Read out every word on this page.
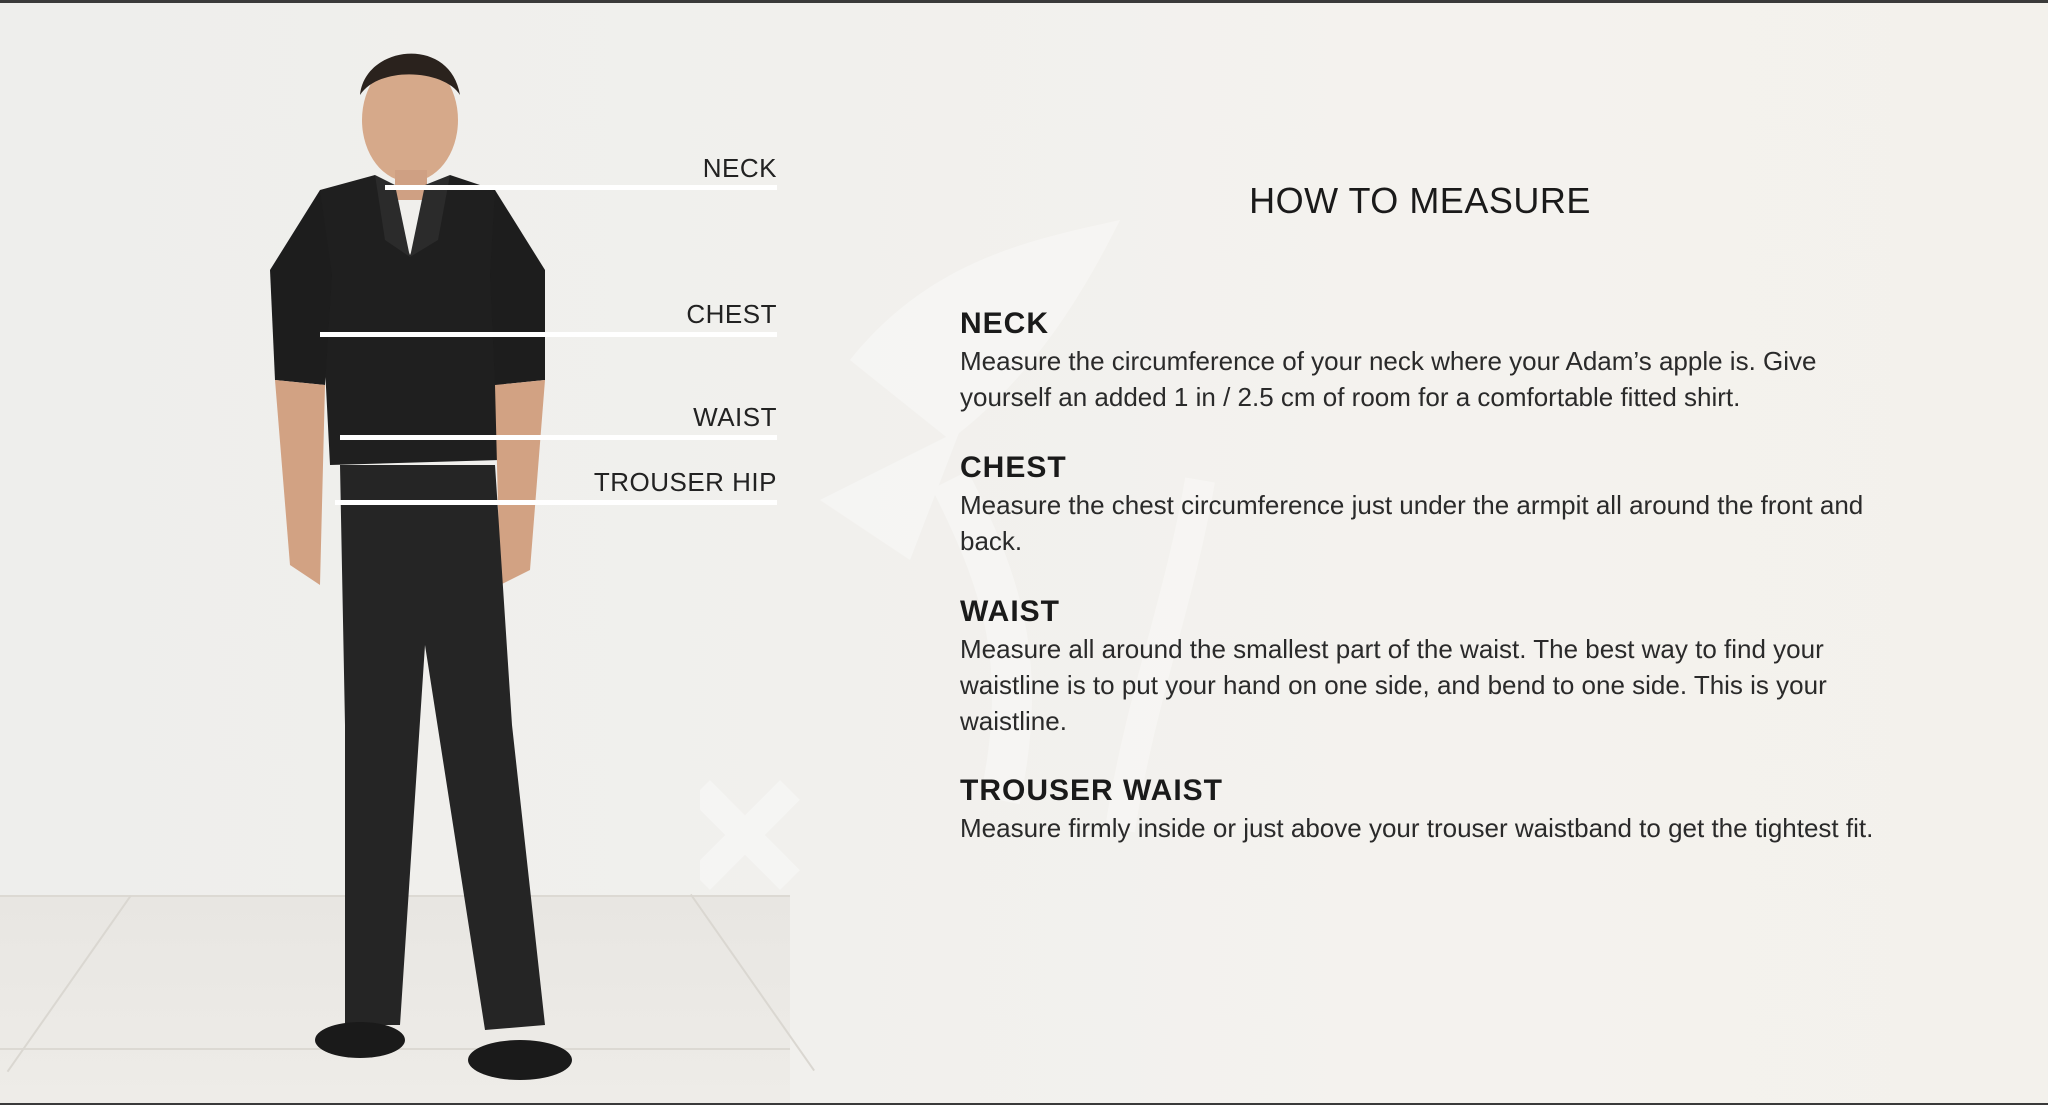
NECK
CHEST
WAIST
TROUSER HIP
HOW TO MEASURE
NECK
Measure the circumference of your neck where your Adam’s apple is. Give yourself an added 1 in / 2.5 cm of room for a comfortable fitted shirt.
CHEST
Measure the chest circumference just under the armpit all around the front and back.
WAIST
Measure all around the smallest part of the waist. The best way to find your waistline is to put your hand on one side, and bend to one side. This is your waistline.
TROUSER WAIST
Measure firmly inside or just above your trouser waistband to get the tightest fit.
